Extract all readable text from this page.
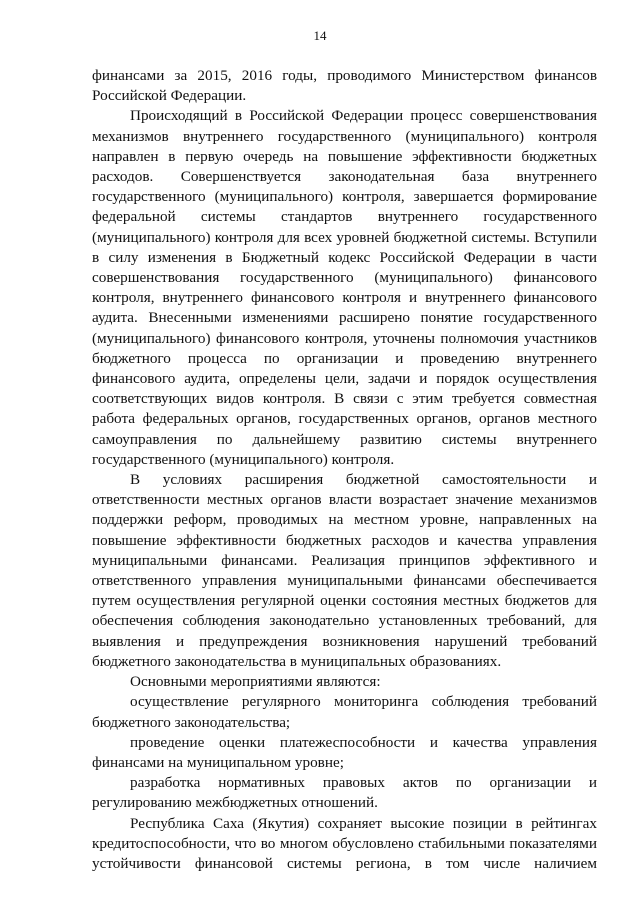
14

финансами за 2015, 2016 годы, проводимого Министерством финансов Российской Федерации.

Происходящий в Российской Федерации процесс совершенствования механизмов внутреннего государственного (муниципального) контроля направлен в первую очередь на повышение эффективности бюджетных расходов. Совершенствуется законодательная база внутреннего государственного (муниципального) контроля, завершается формирование федеральной системы стандартов внутреннего государственного (муниципального) контроля для всех уровней бюджетной системы. Вступили в силу изменения в Бюджетный кодекс Российской Федерации в части совершенствования государственного (муниципального) финансового контроля, внутреннего финансового контроля и внутреннего финансового аудита. Внесенными изменениями расширено понятие государственного (муниципального) финансового контроля, уточнены полномочия участников бюджетного процесса по организации и проведению внутреннего финансового аудита, определены цели, задачи и порядок осуществления соответствующих видов контроля. В связи с этим требуется совместная работа федеральных органов, государственных органов, органов местного самоуправления по дальнейшему развитию системы внутреннего государственного (муниципального) контроля.

В условиях расширения бюджетной самостоятельности и ответственности местных органов власти возрастает значение механизмов поддержки реформ, проводимых на местном уровне, направленных на повышение эффективности бюджетных расходов и качества управления муниципальными финансами. Реализация принципов эффективного и ответственного управления муниципальными финансами обеспечивается путем осуществления регулярной оценки состояния местных бюджетов для обеспечения соблюдения законодательно установленных требований, для выявления и предупреждения возникновения нарушений требований бюджетного законодательства в муниципальных образованиях.

Основными мероприятиями являются:

осуществление регулярного мониторинга соблюдения требований бюджетного законодательства;

проведение оценки платежеспособности и качества управления финансами на муниципальном уровне;

разработка нормативных правовых актов по организации и регулированию межбюджетных отношений.

Республика Саха (Якутия) сохраняет высокие позиции в рейтингах кредитоспособности, что во многом обусловлено стабильными показателями устойчивости финансовой системы региона, в том числе наличием
